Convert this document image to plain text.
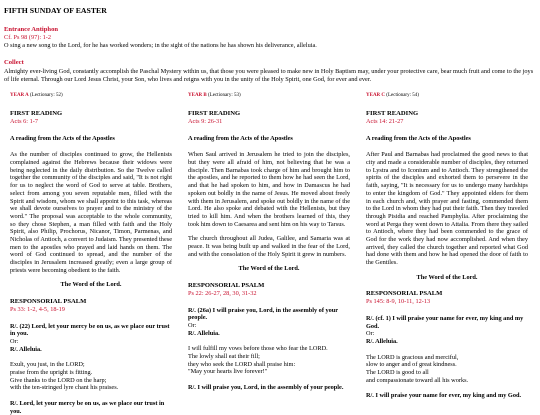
FIFTH SUNDAY OF EASTER
Entrance Antiphon
Cf. Ps 98 (97): 1-2
O sing a new song to the Lord, for he has worked wonders; in the sight of the nations he has shown his deliverance, alleluia.
Collect
Almighty ever-living God, constantly accomplish the Paschal Mystery within us, that those you were pleased to make new in Holy Baptism may, under your protective care, bear much fruit and come to the joys of life eternal. Through our Lord Jesus Christ, your Son, who lives and reigns with you in the unity of the Holy Spirit, one God, for ever and ever.
YEAR A (Lectionary: 52)
FIRST READING
Acts 6: 1-7
A reading from the Acts of the Apostles
As the number of disciples continued to grow, the Hellenists complained against the Hebrews because their widows were being neglected in the daily distribution. So the Twelve called together the community of the disciples and said, "It is not right for us to neglect the word of God to serve at table. Brothers, select from among you seven reputable men, filled with the Spirit and wisdom, whom we shall appoint to this task, whereas we shall devote ourselves to prayer and to the ministry of the word." The proposal was acceptable to the whole community, so they chose Stephen, a man filled with faith and the Holy Spirit, also Philip, Prochorus, Nicanor, Timon, Parmenas, and Nicholas of Antioch, a convert to Judaism. They presented these men to the apostles who prayed and laid hands on them. The word of God continued to spread, and the number of the disciples in Jerusalem increased greatly; even a large group of priests were becoming obedient to the faith.
The Word of the Lord.
RESPONSORIAL PSALM
Ps 33: 1-2, 4-5, 18-19
R/. (22) Lord, let your mercy be on us, as we place our trust in you.
Or:
R/. Alleluia.
Exult, you just, in the LORD;
praise from the upright is fitting.
Give thanks to the LORD on the harp;
with the ten-stringed lyre chant his praises.
R/. Lord, let your mercy be on us, as we place our trust in you.
YEAR B (Lectionary: 53)
FIRST READING
Acts 9: 26-31
A reading from the Acts of the Apostles
When Saul arrived in Jerusalem he tried to join the disciples, but they were all afraid of him, not believing that he was a disciple. Then Barnabas took charge of him and brought him to the apostles, and he reported to them how he had seen the Lord, and that he had spoken to him, and how in Damascus he had spoken out boldly in the name of Jesus. He moved about freely with them in Jerusalem, and spoke out boldly in the name of the Lord. He also spoke and debated with the Hellenists, but they tried to kill him. And when the brothers learned of this, they took him down to Caesarea and sent him on his way to Tarsus.
The church throughout all Judea, Galilee, and Samaria was at peace. It was being built up and walked in the fear of the Lord, and with the consolation of the Holy Spirit it grew in numbers.
The Word of the Lord.
RESPONSORIAL PSALM
Ps 22: 26-27, 28, 30, 31-32
R/. (26a) I will praise you, Lord, in the assembly of your people.
Or:
R/. Alleluia.
I will fulfill my vows before those who fear the LORD.
The lowly shall eat their fill;
they who seek the LORD shall praise him:
"May your hearts live forever!"
R/. I will praise you, Lord, in the assembly of your people.
YEAR C (Lectionary: 54)
FIRST READING
Acts 14: 21-27
A reading from the Acts of the Apostles
After Paul and Barnabas had proclaimed the good news to that city and made a considerable number of disciples, they returned to Lystra and to Iconium and to Antioch. They strengthened the spirits of the disciples and exhorted them to persevere in the faith, saying, "It is necessary for us to undergo many hardships to enter the kingdom of God." They appointed elders for them in each church and, with prayer and fasting, commended them to the Lord in whom they had put their faith. Then they traveled through Pisidia and reached Pamphylia. After proclaiming the word at Perga they went down to Attalia. From there they sailed to Antioch, where they had been commended to the grace of God for the work they had now accomplished. And when they arrived, they called the church together and reported what God had done with them and how he had opened the door of faith to the Gentiles.
The Word of the Lord.
RESPONSORIAL PSALM
Ps 145: 8-9, 10-11, 12-13
R/. (cf. 1) I will praise your name for ever, my king and my God.
Or:
R/. Alleluia.
The LORD is gracious and merciful,
slow to anger and of great kindness.
The LORD is good to all
and compassionate toward all his works.
R/. I will praise your name for ever, my king and my God.
